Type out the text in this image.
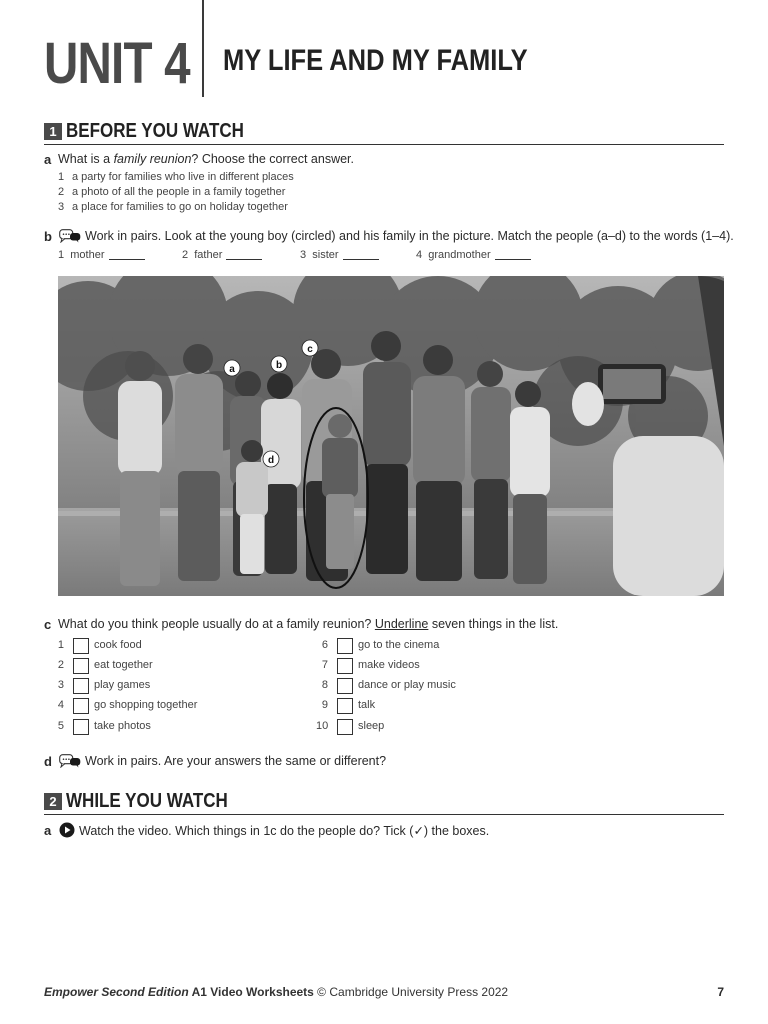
UNIT 4 MY LIFE AND MY FAMILY
1 BEFORE YOU WATCH
a What is a family reunion? Choose the correct answer.
1 a party for families who live in different places
2 a photo of all the people in a family together
3 a place for families to go on holiday together
b	Work in pairs. Look at the young boy (circled) and his family in the picture. Match the people (a–d) to the words (1–4).
1 mother	2 father	3 sister	4 grandmother
a	b
c
d
c What do you think people usually do at a family reunion? Underline seven things in the list.
1	cook food
2	eat together
3	play games
4	go shopping together
5	take photos
6	go to the cinema
7	make videos
8	dance or play music
9	talk
10	sleep
d	Work in pairs. Are your answers the same or different?
2 WHILE YOU WATCH
a Watch the video. Which things in 1c do the people do? Tick (✓) the boxes.
Empower Second Edition A1 Video Worksheets © Cambridge University Press 2022	7
